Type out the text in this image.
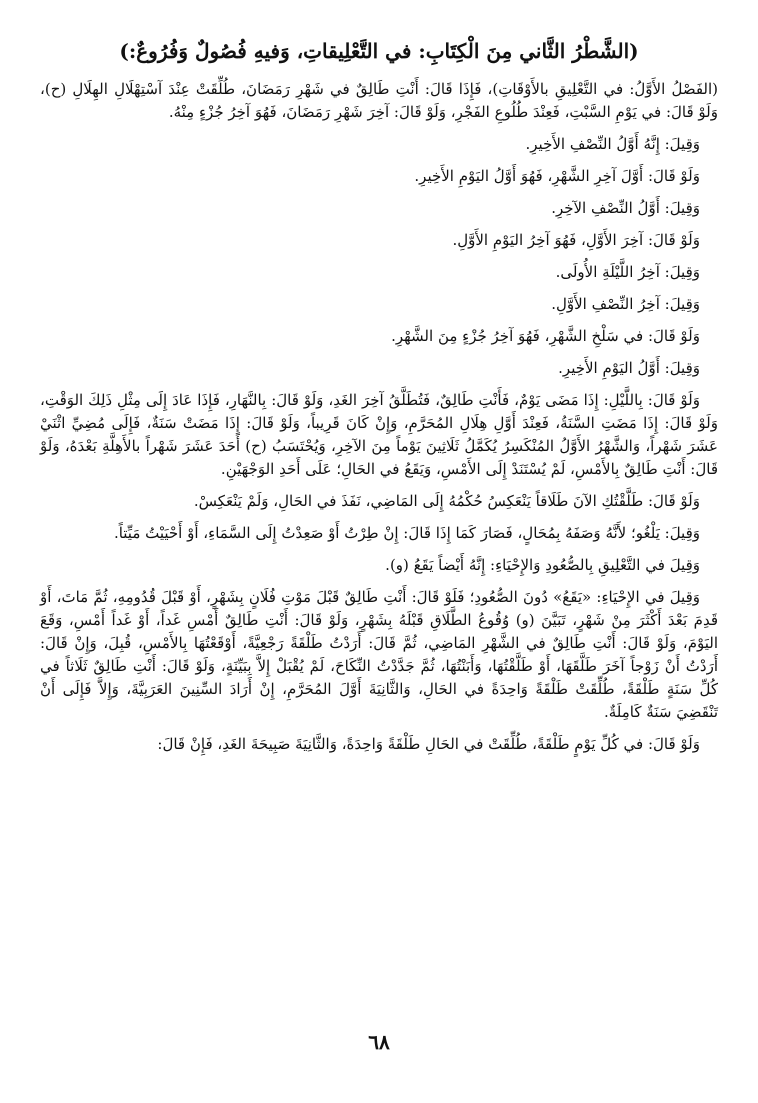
(الشَّطْرُ الثَّاني مِنَ الْكِتَابِ: في التَّعْلِيقاتِ، وَفيهِ فُصُولٌ وَفُرُوعٌ:)

(الفَصْلُ الأَوَّلُ: في التَّعْلِيقِ بالأَوْقَاتِ)، فَإِذَا قَالَ: أَنْتِ طَالِقٌ في شَهْرِ رَمَضَانَ، طُلِّقَتْ عِنْدَ آسْتِهْلَالِ الهِلَالِ (ح)، وَلَوْ قَالَ: في يَوْمِ السَّبْتِ، فَعِنْدَ طُلُوعِ الفَجْرِ، وَلَوْ قَالَ: آخِرَ شَهْرِ رَمَضَانَ، فَهُوَ آخِرُ جُزْءٍ مِنْهُ.

وَقِيلَ: إِنَّهُ أَوَّلُ النِّصْفِ الأَخِيرِ.

وَلَوْ قَالَ: أَوَّلَ آخِرِ الشَّهْرِ، فَهُوَ أَوَّلُ اليَوْمِ الأَخِيرِ.

وَقِيلَ: أَوَّلُ النِّصْفِ الآخِرِ.

وَلَوْ قَالَ: آخِرَ الأَوَّلِ، فَهُوَ آخِرُ اليَوْمِ الأَوَّلِ.

وَقِيلَ: آخِرُ اللَّيْلَةِ الأُولَى.

وَقِيلَ: آخِرُ النِّصْفِ الأَوَّلِ.

وَلَوْ قَالَ: في سَلْخِ الشَّهْرِ، فَهُوَ آخِرُ جُزْءٍ مِنَ الشَّهْرِ.

وَقِيلَ: أَوَّلُ اليَوْمِ الأَخِيرِ.

وَلَوْ قَالَ: بِاللَّيْلِ: إِذَا مَضَى يَوْمٌ، فَأَنْتِ طَالِقٌ، فَتُطَلَّقُ آخِرَ الغَدِ، وَلَوْ قَالَ: بِالنَّهَارِ، فَإِذَا عَادَ إِلَى مِثْلِ ذَلِكَ الوَقْتِ، وَلَوْ قَالَ: إِذَا مَضَتِ السَّنَةُ، فَعِنْدَ أَوَّلِ هِلَالِ المُحَرَّمِ، وَإِنْ كَانَ قَرِيباً، وَلَوْ قَالَ: إِذَا مَضَتْ سَنَةٌ، فَإِلَى مُضِيِّ اثْنَيْ عَشَرَ شَهْراً، وَالشَّهْرُ الأَوَّلُ المُنْكَسِرُ يُكَمَّلُ ثَلَاثِينَ يَوْماً مِنَ الآخِرِ، وَيُحْتَسَبُ (ح) أَحَدَ عَشَرَ شَهْراً بالأَهِلَّةِ بَعْدَهُ، وَلَوْ قَالَ: أَنْتِ طَالِقٌ بِالأَمْسِ، لَمْ يُسْتَنَدْ إِلَى الأَمْسِ، وَيَقَعُ في الحَالِ؛ عَلَى أَحَدِ الوَجْهَيْنِ.

وَلَوْ قَالَ: طَلَّقْتُكِ الآنَ طَلَاقاً يَنْعَكِسُ حُكْمُهُ إِلَى المَاضِي، نَفَذَ في الحَالِ، وَلَمْ يَنْعَكِسْ.

وَقِيلَ: يَلْغُو؛ لأَنَّهُ وَصَفَهُ بِمُحَالٍ، فَصَارَ كَمَا إِذَا قَالَ: إِنْ طِرْتُ أَوْ صَعِدْتُ إِلَى السَّمَاءِ، أَوْ أَحْيَيْتُ مَيِّتاً.

وَقِيلَ في التَّعْلِيقِ بِالصُّعُودِ وَالإِحْيَاءِ: إِنَّهُ أَيْضاً يَقَعُ (و).

وَقِيلَ في الإِحْيَاءِ: «يَقَعُ» دُونَ الصُّعُودِ؛ فَلَوْ قَالَ: أَنْتِ طَالِقٌ قَبْلَ مَوْتِ فُلَانٍ بِشَهْرٍ، أَوْ قَبْلَ قُدُومِهِ، ثُمَّ مَاتَ، أَوْ قَدِمَ بَعْدَ أَكْثَرَ مِنْ شَهْرٍ، تَبَيَّنَ (و) وُقُوعُ الطَّلَاقِ قَبْلَهُ بِشَهْرٍ، وَلَوْ قَالَ: أَنْتِ طَالِقٌ أَمْسِ غَداً، أَوْ غَداً أَمْسِ، وَقَعَ اليَوْمَ، وَلَوْ قَالَ: أَنْتِ طَالِقٌ في الشَّهْرِ المَاضِي، ثُمَّ قَالَ: أَرَدْتُ طَلْقَةً رَجْعِيَّةً، أَوْقَعْتُهَا بِالأَمْسِ، قُبِلَ، وَإِنْ قَالَ: أَرَدْتُ أَنْ زَوْجاً آخَرَ طَلَّقَهَا، أَوْ طَلَّقْتُهَا، وَأَبَنْتُهَا، ثُمَّ جَدَّدْتُ النِّكَاحَ، لَمْ يُقْبَلْ إِلاَّ بِبَيِّنَةٍ، وَلَوْ قَالَ: أَنْتِ طَالِقٌ ثَلَاثاً في كُلِّ سَنَةٍ طَلْقَةً، طُلِّقَتْ طَلْقَةً وَاحِدَةً في الحَالِ، وَالثَّانِيَةَ أَوَّلَ المُحَرَّمِ، إِنْ أَرَادَ السِّنِينَ العَرَبِيَّةَ، وَإِلاَّ فَإِلَى أَنْ تَنْقَضِيَ سَنَةٌ كَامِلَةٌ.

وَلَوْ قَالَ: في كُلِّ يَوْمٍ طَلْقَةً، طُلِّقَتْ في الحَالِ طَلْقَةً وَاحِدَةً، وَالثَّانِيَةَ صَبِيحَةَ الغَدِ، فَإِنْ قَالَ:

٦٨
